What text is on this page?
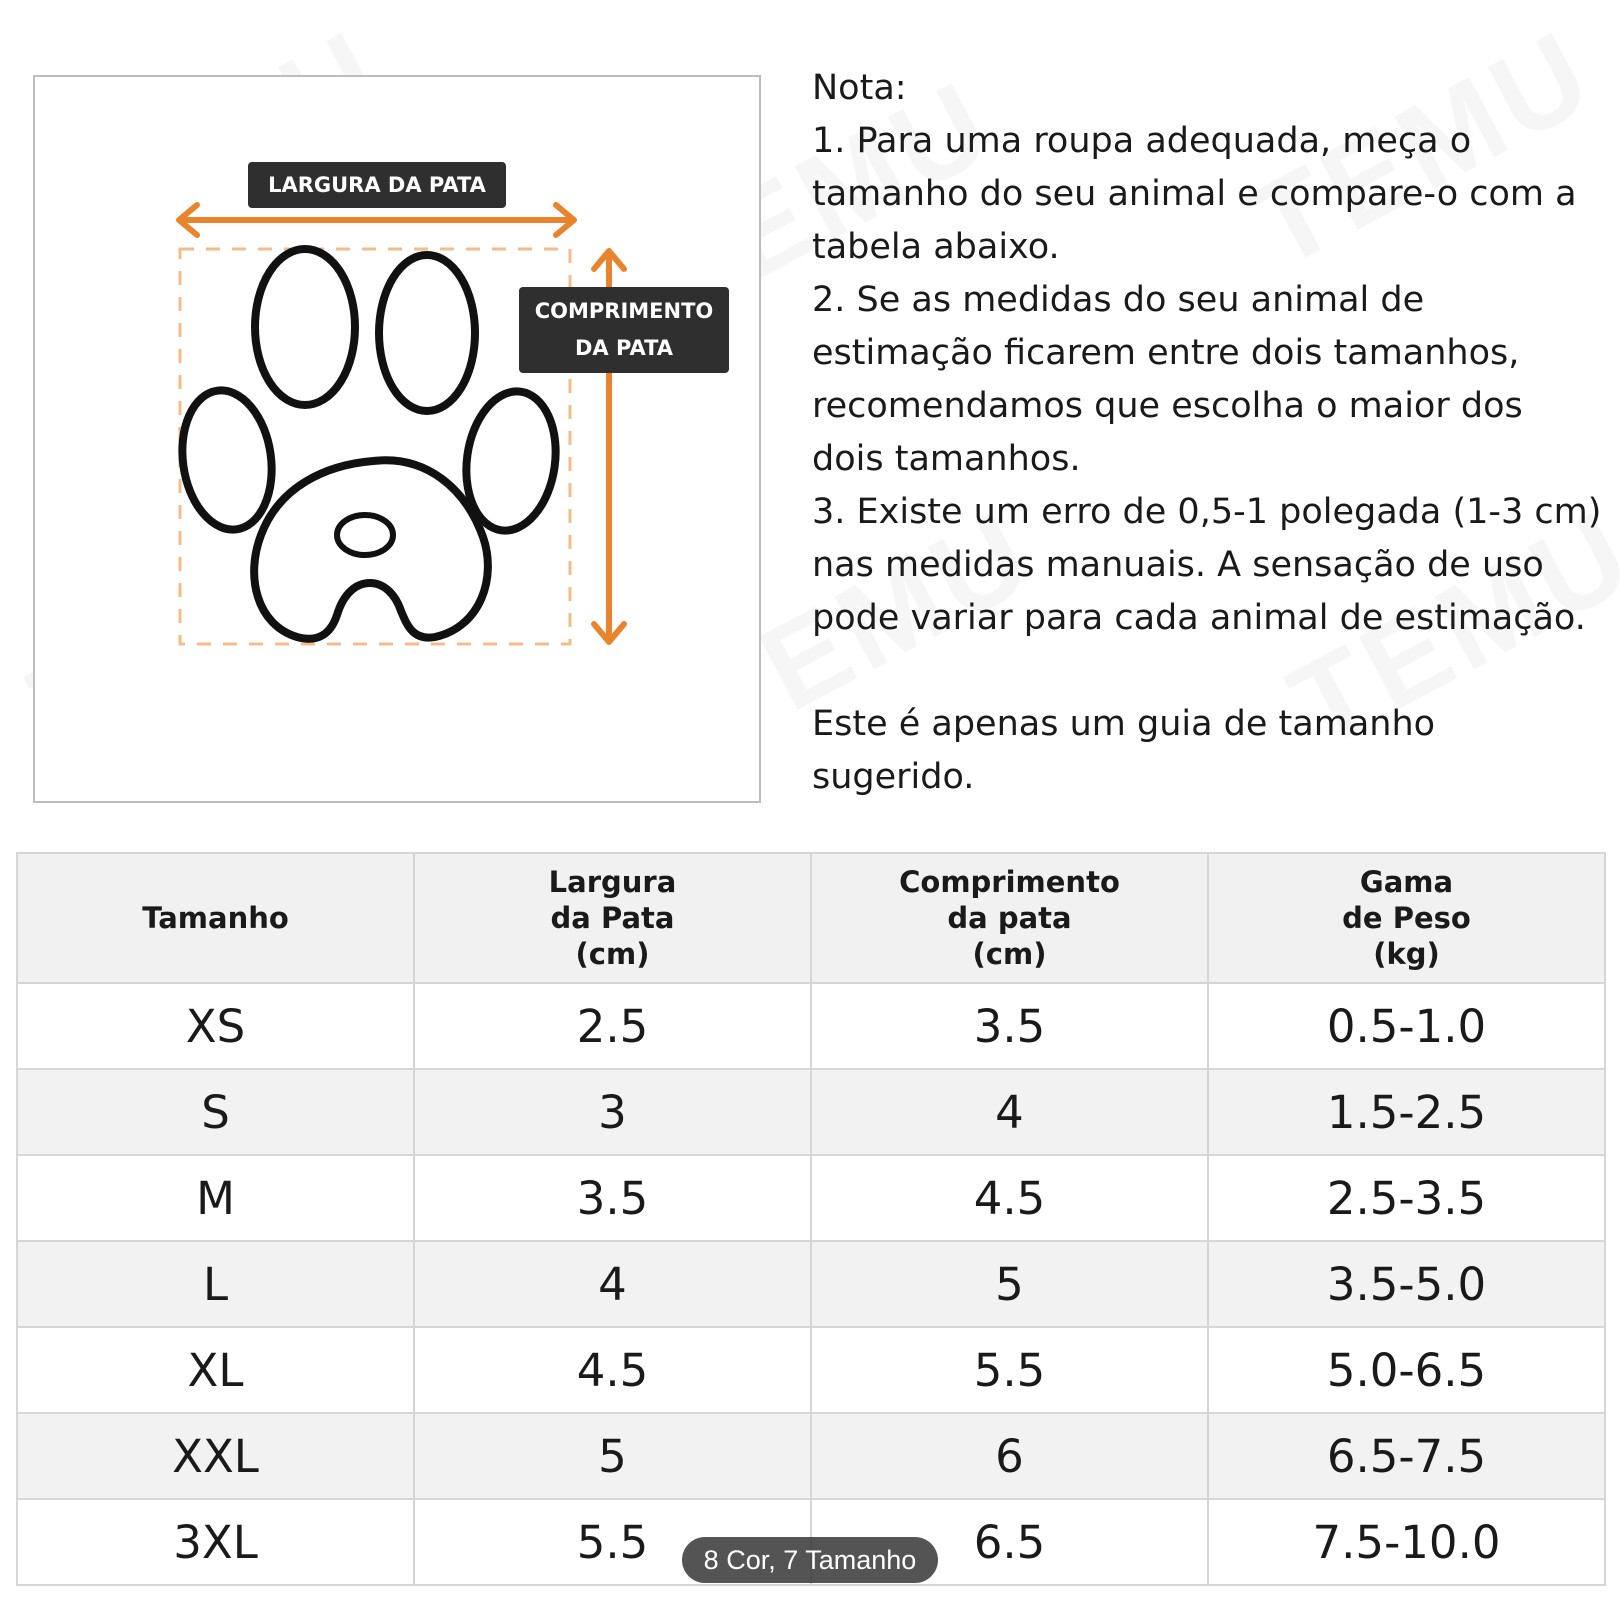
LARGURA DA PATA
COMPRIMENTO
DA PATA

Nota:

1. Para uma roupa adequada, meça o

tamanho do seu animal e compare-o com a

tabela abaixo.

2. Se as medidas do seu animal de

estimação ficarem entre dois tamanhos,

recomendamos que escolha o maior dos

dois tamanhos.

3. Existe um erro de 0,5-1 polegada (1-3 cm)

nas medidas manuais. A sensação de uso

pode variar para cada animal de estimação.

Este é apenas um guia de tamanho

sugerido.

Tamanho	Largura
da Pata
(cm)	Comprimento
da pata
(cm)	Gama
de Peso
(kg)
XS	2.5	3.5	0.5-1.0
S	3	4	1.5-2.5
M	3.5	4.5	2.5-3.5
L	4	5	3.5-5.0
XL	4.5	5.5	5.0-6.5
XXL	5	6	6.5-7.5
3XL	5.5	6.5	7.5-10.0
8 Cor, 7 Tamanho
